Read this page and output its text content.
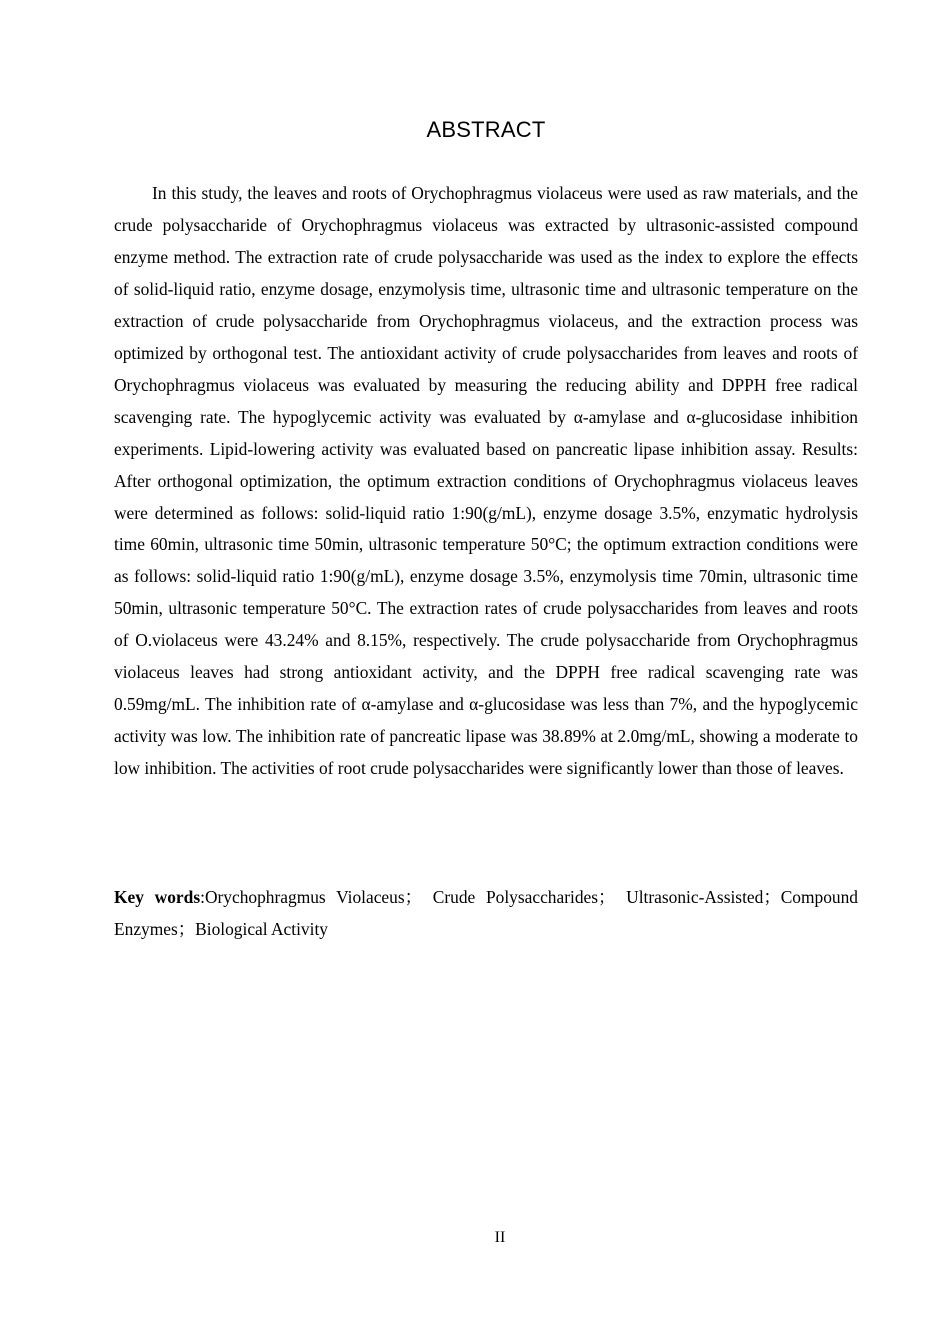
ABSTRACT

In this study, the leaves and roots of Orychophragmus violaceus were used as raw materials, and the crude polysaccharide of Orychophragmus violaceus was extracted by ultrasonic-assisted compound enzyme method. The extraction rate of crude polysaccharide was used as the index to explore the effects of solid-liquid ratio, enzyme dosage, enzymolysis time, ultrasonic time and ultrasonic temperature on the extraction of crude polysaccharide from Orychophragmus violaceus, and the extraction process was optimized by orthogonal test. The antioxidant activity of crude polysaccharides from leaves and roots of Orychophragmus violaceus was evaluated by measuring the reducing ability and DPPH free radical scavenging rate. The hypoglycemic activity was evaluated by α-amylase and α-glucosidase inhibition experiments. Lipid-lowering activity was evaluated based on pancreatic lipase inhibition assay. Results: After orthogonal optimization, the optimum extraction conditions of Orychophragmus violaceus leaves were determined as follows: solid-liquid ratio 1:90(g/mL), enzyme dosage 3.5%, enzymatic hydrolysis time 60min, ultrasonic time 50min, ultrasonic temperature 50°C; the optimum extraction conditions were as follows: solid-liquid ratio 1:90(g/mL), enzyme dosage 3.5%, enzymolysis time 70min, ultrasonic time 50min, ultrasonic temperature 50°C. The extraction rates of crude polysaccharides from leaves and roots of O.violaceus were 43.24% and 8.15%, respectively. The crude polysaccharide from Orychophragmus violaceus leaves had strong antioxidant activity, and the DPPH free radical scavenging rate was 0.59mg/mL. The inhibition rate of α-amylase and α-glucosidase was less than 7%, and the hypoglycemic activity was low. The inhibition rate of pancreatic lipase was 38.89% at 2.0mg/mL, showing a moderate to low inhibition. The activities of root crude polysaccharides were significantly lower than those of leaves.

Key words:Orychophragmus Violaceus； Crude Polysaccharides； Ultrasonic-Assisted；Compound Enzymes；Biological Activity

II
